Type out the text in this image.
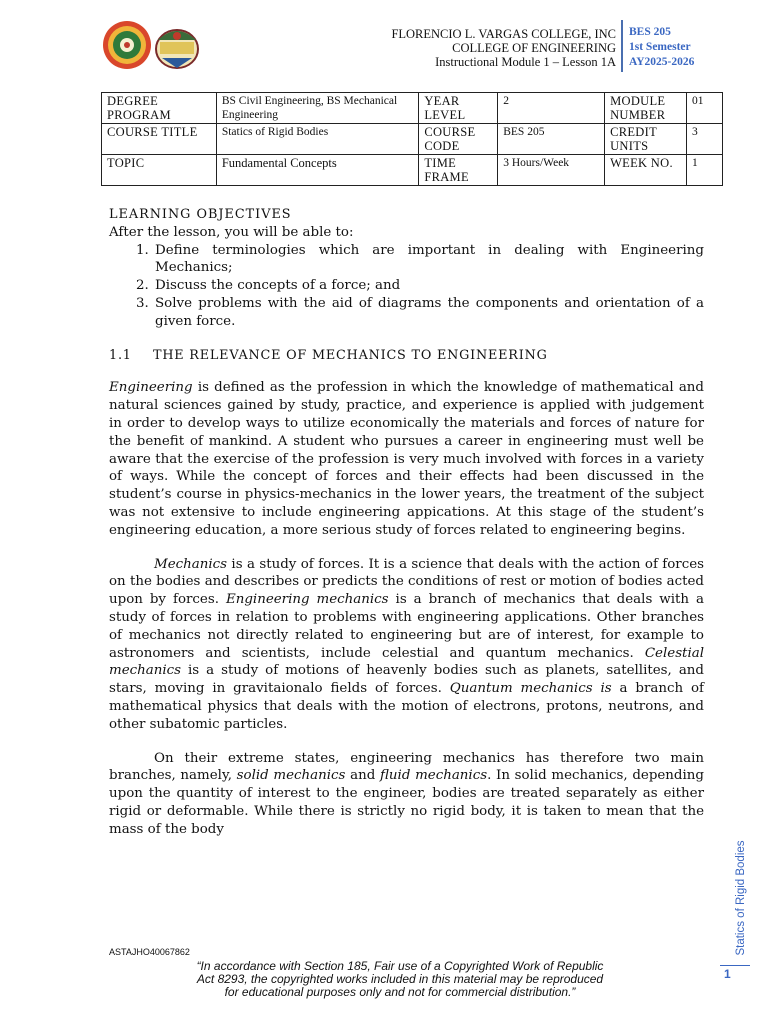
FLORENCIO L. VARGAS COLLEGE, INC
COLLEGE OF ENGINEERING
Instructional Module 1 – Lesson 1A
BES 205
1st Semester
AY2025-2026
DEGREE PROGRAM	BS Civil Engineering, BS Mechanical Engineering	YEAR LEVEL	2	MODULE NUMBER	01
COURSE TITLE	Statics of Rigid Bodies	COURSE CODE	BES 205	CREDIT UNITS	3
TOPIC	Fundamental Concepts	TIME FRAME	3 Hours/Week	WEEK NO.	1
LEARNING OBJECTIVES
After the lesson, you will be able to:
1. Define terminologies which are important in dealing with Engineering Mechanics;
2. Discuss the concepts of a force; and
3. Solve problems with the aid of diagrams the components and orientation of a given force.
1.1 THE RELEVANCE OF MECHANICS TO ENGINEERING

Engineering is defined as the profession in which the knowledge of mathematical and natural sciences gained by study, practice, and experience is applied with judgement in order to develop ways to utilize economically the materials and forces of nature for the benefit of mankind. A student who pursues a career in engineering must well be aware that the exercise of the profession is very much involved with forces in a variety of ways. While the concept of forces and their effects had been discussed in the student’s course in physics-mechanics in the lower years, the treatment of the subject was not extensive to include engineering appications. At this stage of the student’s engineering education, a more serious study of forces related to engineering begins.

Mechanics is a study of forces. It is a science that deals with the action of forces on the bodies and describes or predicts the conditions of rest or motion of bodies acted upon by forces. Engineering mechanics is a branch of mechanics that deals with a study of forces in relation to problems with engineering applications. Other branches of mechanics not directly related to engineering but are of interest, for example to astronomers and scientists, include celestial and quantum mechanics. Celestial mechanics is a study of motions of heavenly bodies such as planets, satellites, and stars, moving in gravitaionalo fields of forces. Quantum mechanics is a branch of mathematical physics that deals with the motion of electrons, protons, neutrons, and other subatomic particles.

On their extreme states, engineering mechanics has therefore two main branches, namely, solid mechanics and fluid mechanics. In solid mechanics, depending upon the quantity of interest to the engineer, bodies are treated separately as either rigid or deformable. While there is strictly no rigid body, it is taken to mean that the mass of the body

Statics of Rigid Bodies
1
ASTAJHO40067862
“In accordance with Section 185, Fair use of a Copyrighted Work of Republic
Act 8293, the copyrighted works included in this material may be reproduced
for educational purposes only and not for commercial distribution.”
